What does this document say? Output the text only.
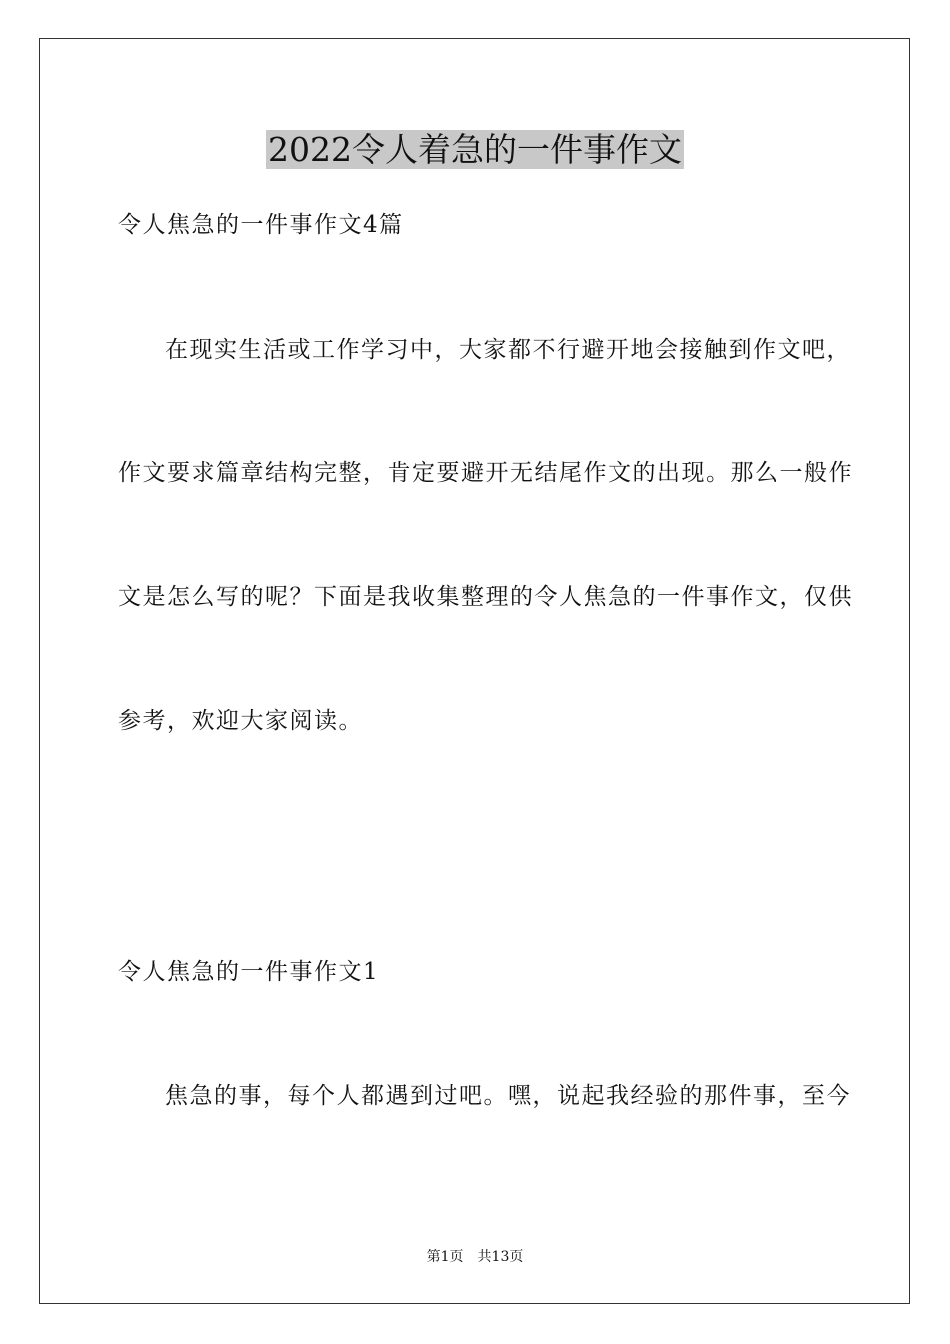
2022令人着急的一件事作文
令人焦急的一件事作文4篇
在现实生活或工作学习中，大家都不行避开地会接触到作文吧，
作文要求篇章结构完整，肯定要避开无结尾作文的出现。那么一般作
文是怎么写的呢？下面是我收集整理的令人焦急的一件事作文，仅供
参考，欢迎大家阅读。
令人焦急的一件事作文1
焦急的事，每个人都遇到过吧。嘿，说起我经验的那件事，至今
第1页 共13页
